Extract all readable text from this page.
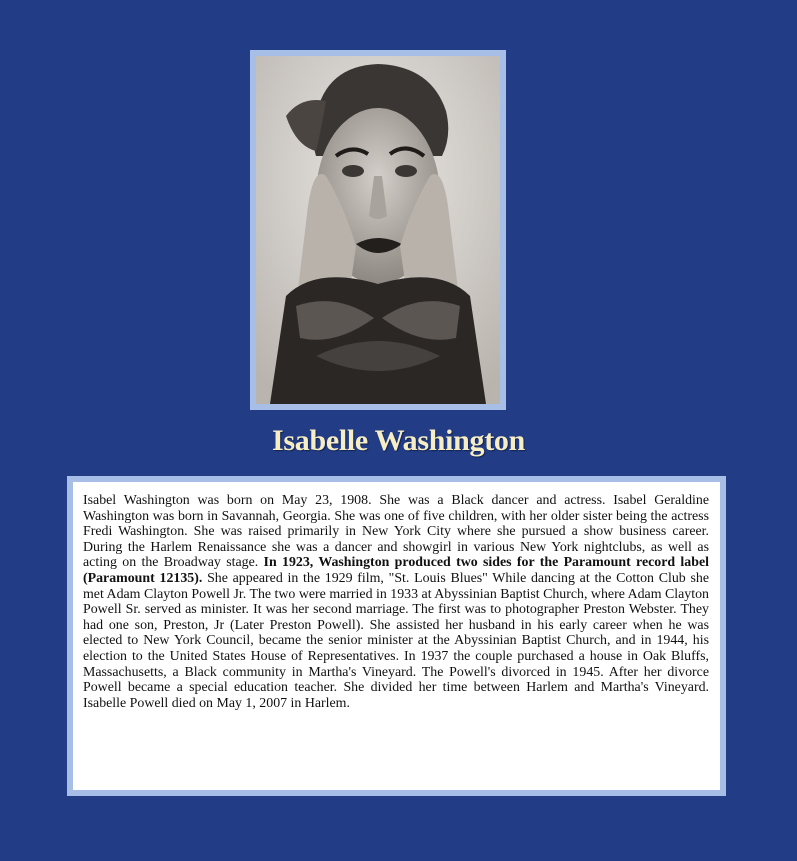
Isabelle Washington

Isabel Washington was born on May 23, 1908. She was a Black dancer and actress. Isabel Geraldine Washington was born in Savannah, Georgia. She was one of five children, with her older sister being the actress Fredi Washington. She was raised primarily in New York City where she pursued a show business career. During the Harlem Renaissance she was a dancer and showgirl in various New York nightclubs, as well as acting on the Broadway stage. In 1923, Washington produced two sides for the Paramount record label (Paramount 12135). She appeared in the 1929 film, "St. Louis Blues" While dancing at the Cotton Club she met Adam Clayton Powell Jr. The two were married in 1933 at Abyssinian Baptist Church, where Adam Clayton Powell Sr. served as minister. It was her second marriage. The first was to photographer Preston Webster. They had one son, Preston, Jr (Later Preston Powell). She assisted her husband in his early career when he was elected to New York Council, became the senior minister at the Abyssinian Baptist Church, and in 1944, his election to the United States House of Representatives. In 1937 the couple purchased a house in Oak Bluffs, Massachusetts, a Black community in Martha's Vineyard. The Powell's divorced in 1945. After her divorce Powell became a special education teacher. She divided her time between Harlem and Martha's Vineyard. Isabelle Powell died on May 1, 2007 in Harlem.
